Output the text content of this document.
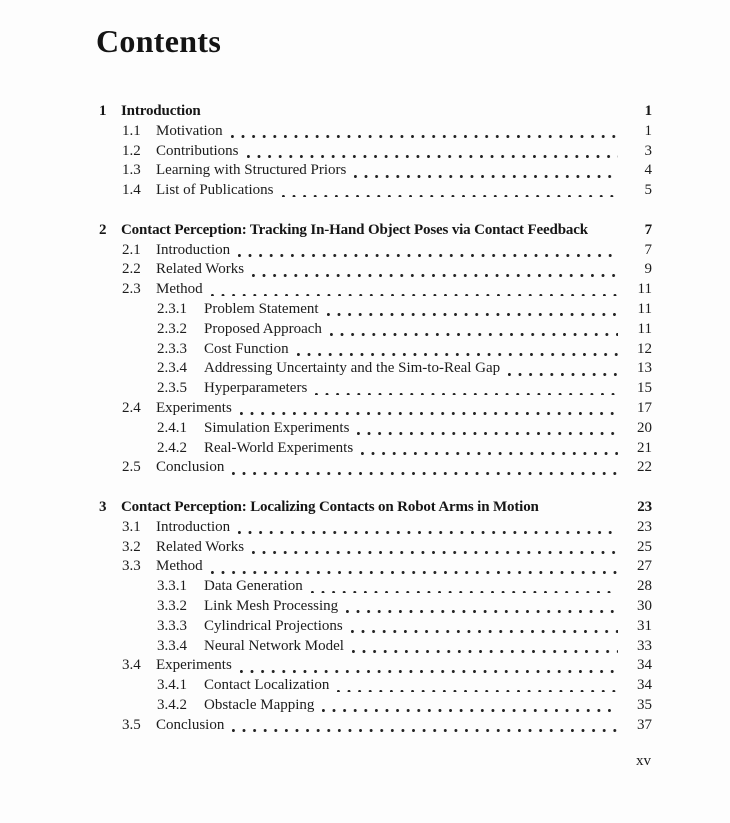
Contents
1 Introduction	1
1.1	Motivation	1
1.2	Contributions	3
1.3	Learning with Structured Priors	4
1.4	List of Publications	5
2 Contact Perception: Tracking In-Hand Object Poses via Contact Feedback	7
2.1	Introduction	7
2.2	Related Works	9
2.3	Method	11
2.3.1	Problem Statement	11
2.3.2	Proposed Approach	11
2.3.3	Cost Function	12
2.3.4	Addressing Uncertainty and the Sim-to-Real Gap	13
2.3.5	Hyperparameters	15
2.4	Experiments	17
2.4.1	Simulation Experiments	20
2.4.2	Real-World Experiments	21
2.5	Conclusion	22
3 Contact Perception: Localizing Contacts on Robot Arms in Motion	23
3.1	Introduction	23
3.2	Related Works	25
3.3	Method	27
3.3.1	Data Generation	28
3.3.2	Link Mesh Processing	30
3.3.3	Cylindrical Projections	31
3.3.4	Neural Network Model	33
3.4	Experiments	34
3.4.1	Contact Localization	34
3.4.2	Obstacle Mapping	35
3.5	Conclusion	37
xv
